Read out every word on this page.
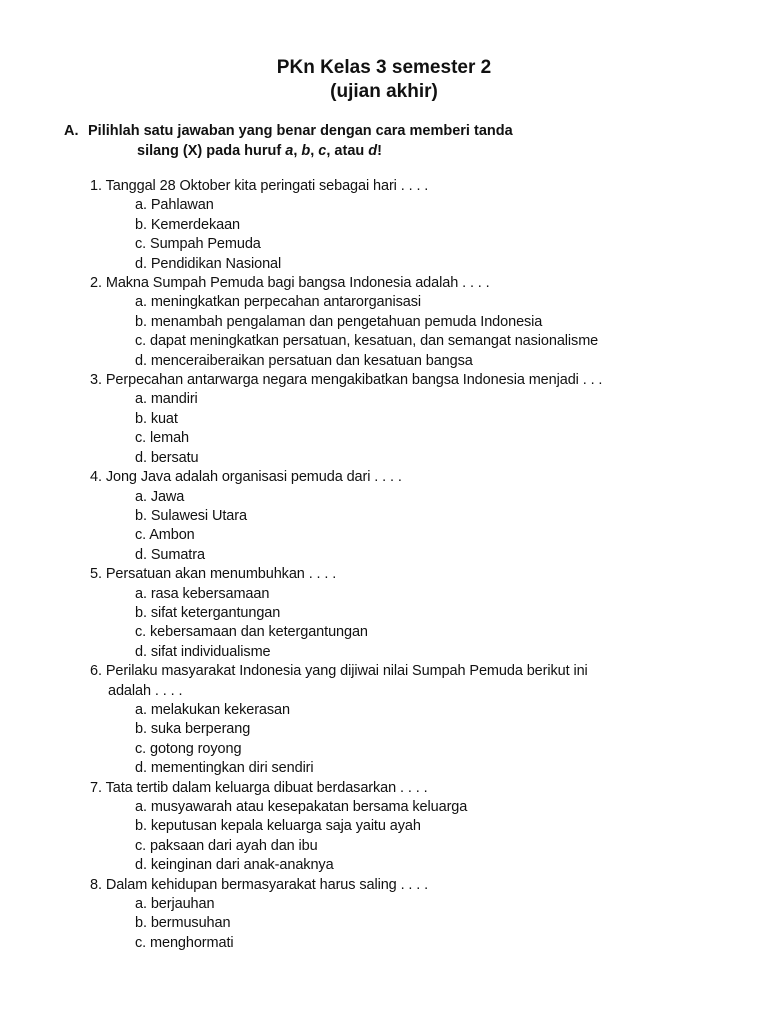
PKn Kelas 3 semester 2
(ujian akhir)
A. Pilihlah satu jawaban yang benar dengan cara memberi tanda
silang (X) pada huruf a, b, c, atau d!
1. Tanggal 28 Oktober kita peringati sebagai hari . . . .
a. Pahlawan
b. Kemerdekaan
c. Sumpah Pemuda
d. Pendidikan Nasional
2. Makna Sumpah Pemuda bagi bangsa Indonesia adalah . . . .
a. meningkatkan perpecahan antarorganisasi
b. menambah pengalaman dan pengetahuan pemuda Indonesia
c. dapat meningkatkan persatuan, kesatuan, dan semangat nasionalisme
d. menceraiberaikan persatuan dan kesatuan bangsa
3. Perpecahan antarwarga negara mengakibatkan bangsa Indonesia menjadi . . .
a. mandiri
b. kuat
c. lemah
d. bersatu
4. Jong Java adalah organisasi pemuda dari . . . .
a. Jawa
b. Sulawesi Utara
c. Ambon
d. Sumatra
5. Persatuan akan menumbuhkan . . . .
a. rasa kebersamaan
b. sifat ketergantungan
c. kebersamaan dan ketergantungan
d. sifat individualisme
6. Perilaku masyarakat Indonesia yang dijiwai nilai Sumpah Pemuda berikut ini
adalah . . . .
a. melakukan kekerasan
b. suka berperang
c. gotong royong
d. mementingkan diri sendiri
7. Tata tertib dalam keluarga dibuat berdasarkan . . . .
a. musyawarah atau kesepakatan bersama keluarga
b. keputusan kepala keluarga saja yaitu ayah
c. paksaan dari ayah dan ibu
d. keinginan dari anak-anaknya
8. Dalam kehidupan bermasyarakat harus saling . . . .
a. berjauhan
b. bermusuhan
c. menghormati
